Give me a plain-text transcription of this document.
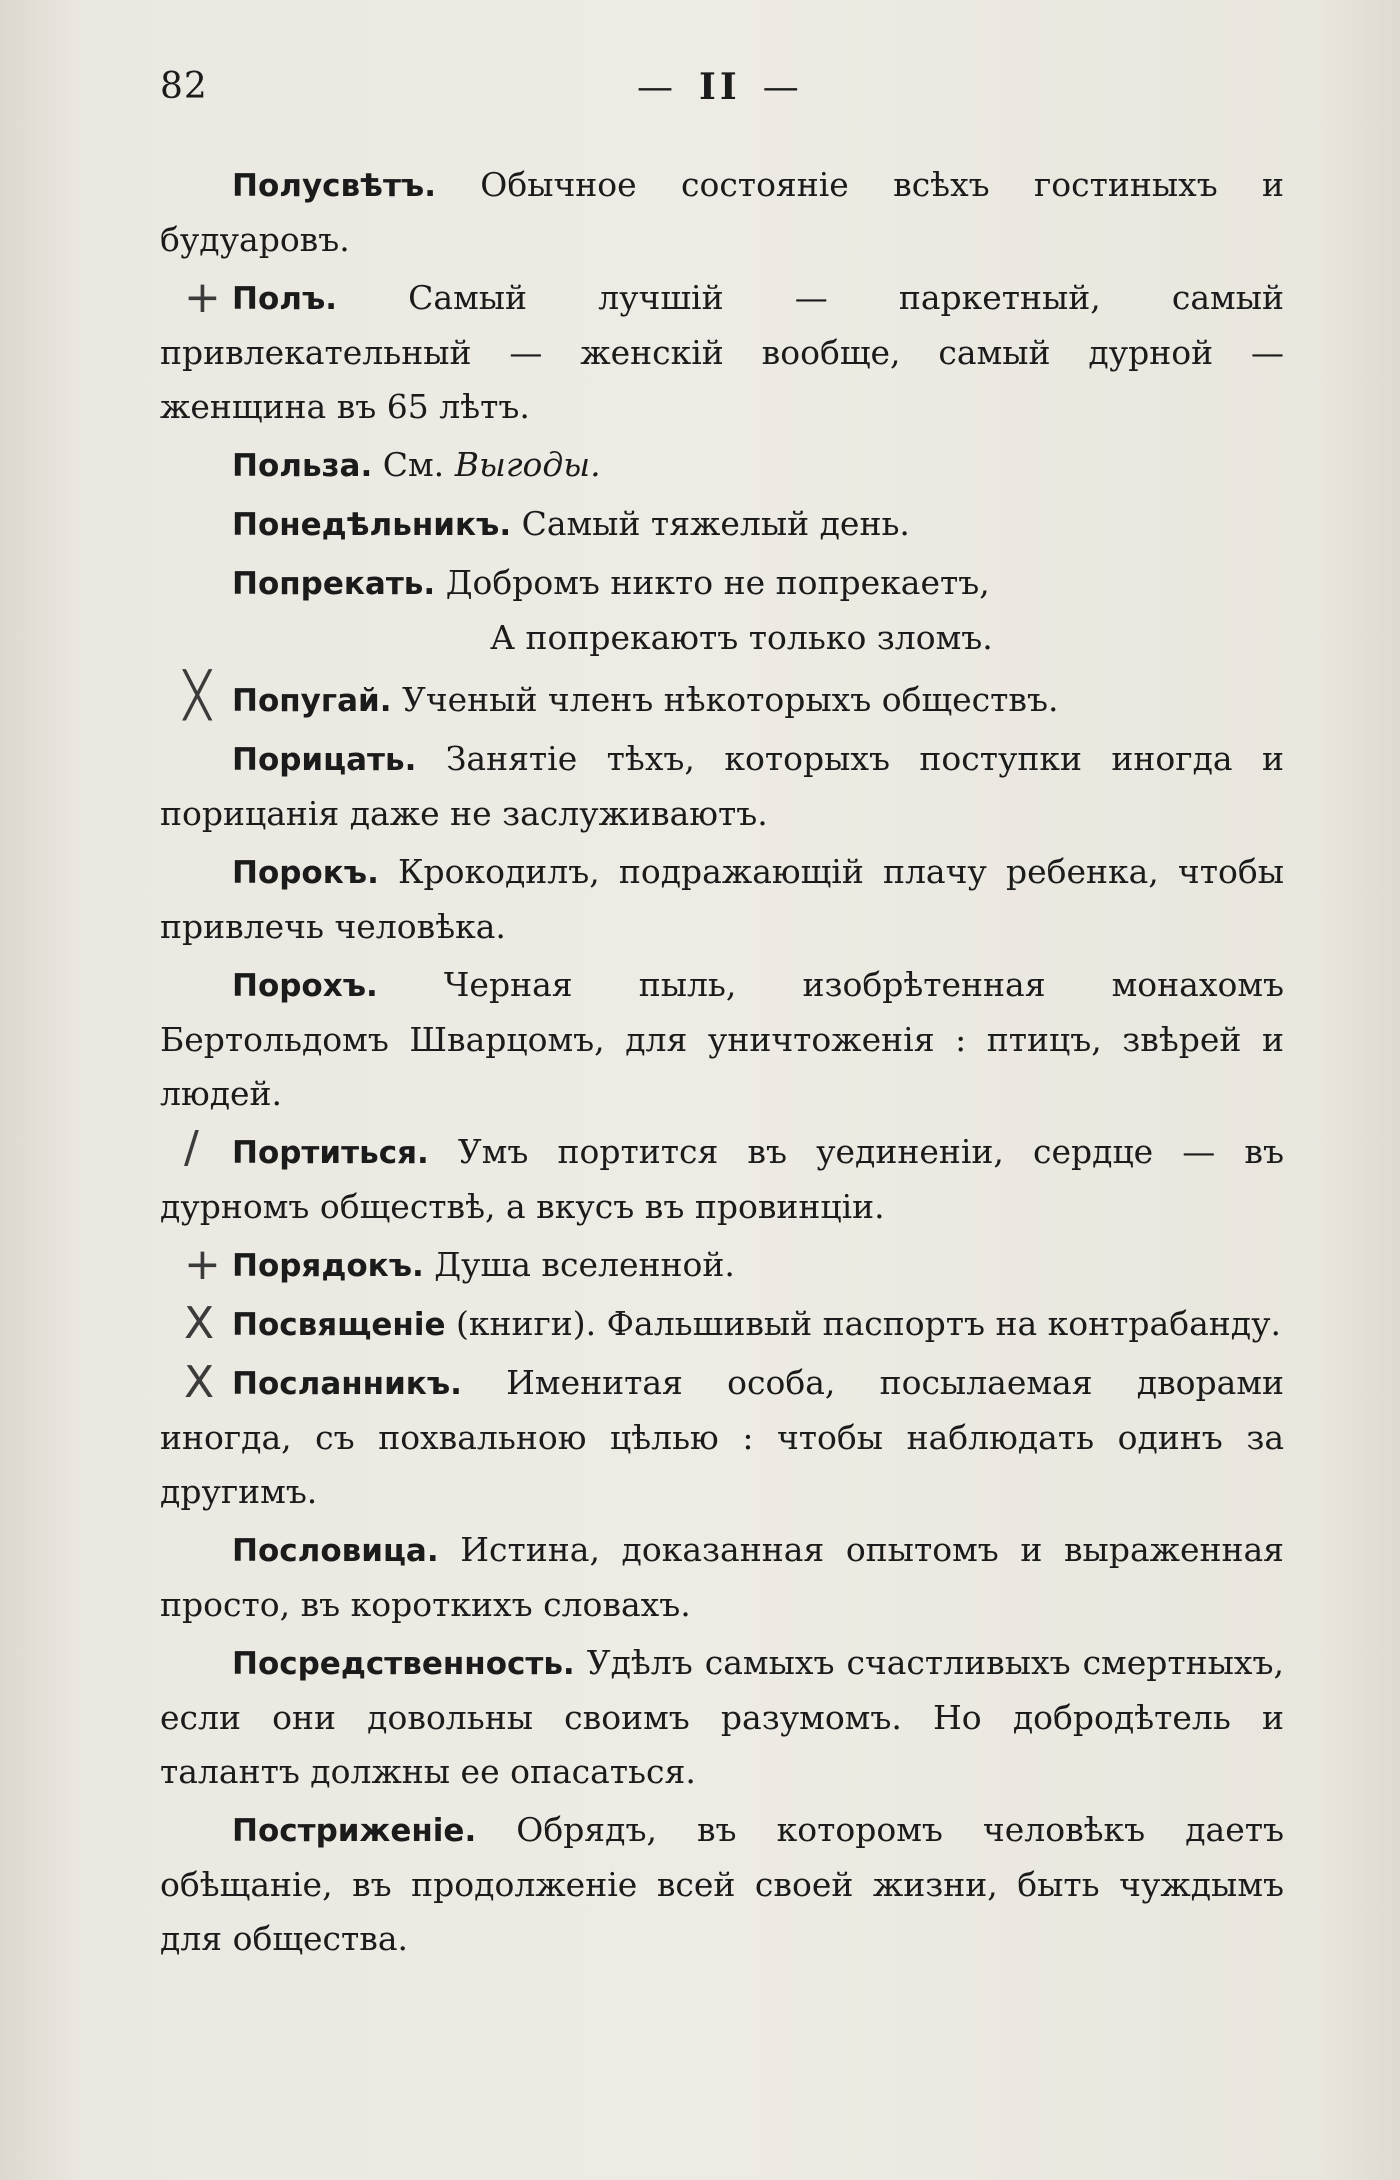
82	— II —

Полусвѣтъ. Обычное состояніе всѣхъ гостиныхъ и будуаровъ.

+ Полъ. Самый лучшій — паркетный, самый привлекательный — женскій вообще, самый дурной — женщина въ 65 лѣтъ.

Польза. См. Выгоды.

Понедѣльникъ. Самый тяжелый день.

Попрекать. Добромъ никто не попрекаетъ,

А попрекаютъ только зломъ.

╳ Попугай. Ученый членъ нѣкоторыхъ обществъ.

Порицать. Занятіе тѣхъ, которыхъ поступки иногда и порицанія даже не заслуживаютъ.

Порокъ. Крокодилъ, подражающій плачу ребенка, чтобы привлечь человѣка.

Порохъ. Черная пыль, изобрѣтенная монахомъ Бертольдомъ Шварцомъ, для уничтоженія : птицъ, звѣрей и людей.

/ Портиться. Умъ портится въ уединеніи, сердце — въ дурномъ обществѣ, а вкусъ въ провинціи.

+ Порядокъ. Душа вселенной.

X Посвященіе (книги). Фальшивый паспортъ на контрабанду.

X Посланникъ. Именитая особа, посылаемая дворами иногда, съ похвальною цѣлью : чтобы наблюдать одинъ за другимъ.

Пословица. Истина, доказанная опытомъ и выраженная просто, въ короткихъ словахъ.

Посредственность. Удѣлъ самыхъ счастливыхъ смертныхъ, если они довольны своимъ разумомъ. Но добродѣтель и талантъ должны ее опасаться.

Постриженіе. Обрядъ, въ которомъ человѣкъ даетъ обѣщаніе, въ продолженіе всей своей жизни, быть чуждымъ для общества.
